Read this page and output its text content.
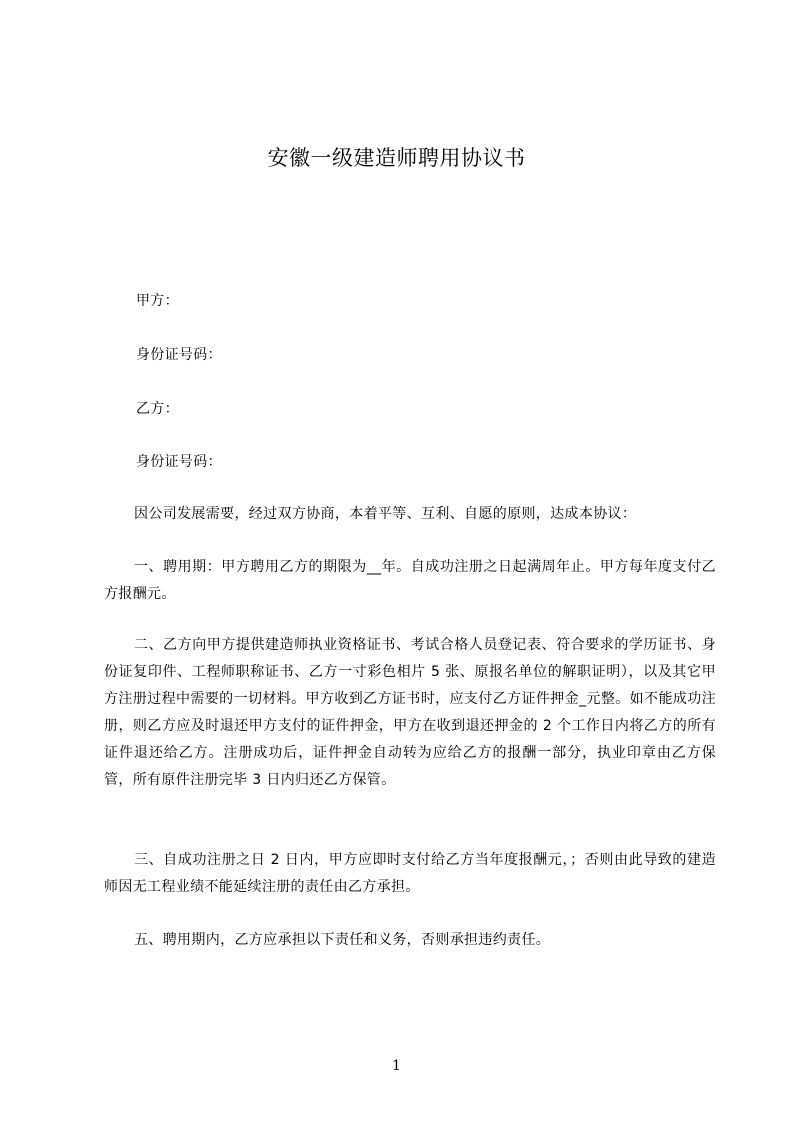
安徽一级建造师聘用协议书
甲方：
身份证号码：
乙方：
身份证号码：
因公司发展需要，经过双方协商，本着平等、互利、自愿的原则，达成本协议：
一、聘用期：甲方聘用乙方的期限为__年。自成功注册之日起满周年止。甲方每年度支付乙方报酬元。
二、乙方向甲方提供建造师执业资格证书、考试合格人员登记表、符合要求的学历证书、身份证复印件、工程师职称证书、乙方一寸彩色相片 5 张、原报名单位的解职证明），以及其它甲方注册过程中需要的一切材料。甲方收到乙方证书时，应支付乙方证件押金_元整。如不能成功注册，则乙方应及时退还甲方支付的证件押金，甲方在收到退还押金的 2 个工作日内将乙方的所有证件退还给乙方。注册成功后，证件押金自动转为应给乙方的报酬一部分，执业印章由乙方保管，所有原件注册完毕 3 日内归还乙方保管。
三、自成功注册之日 2 日内，甲方应即时支付给乙方当年度报酬元，；否则由此导致的建造师因无工程业绩不能延续注册的责任由乙方承担。
五、聘用期内，乙方应承担以下责任和义务，否则承担违约责任。
1
